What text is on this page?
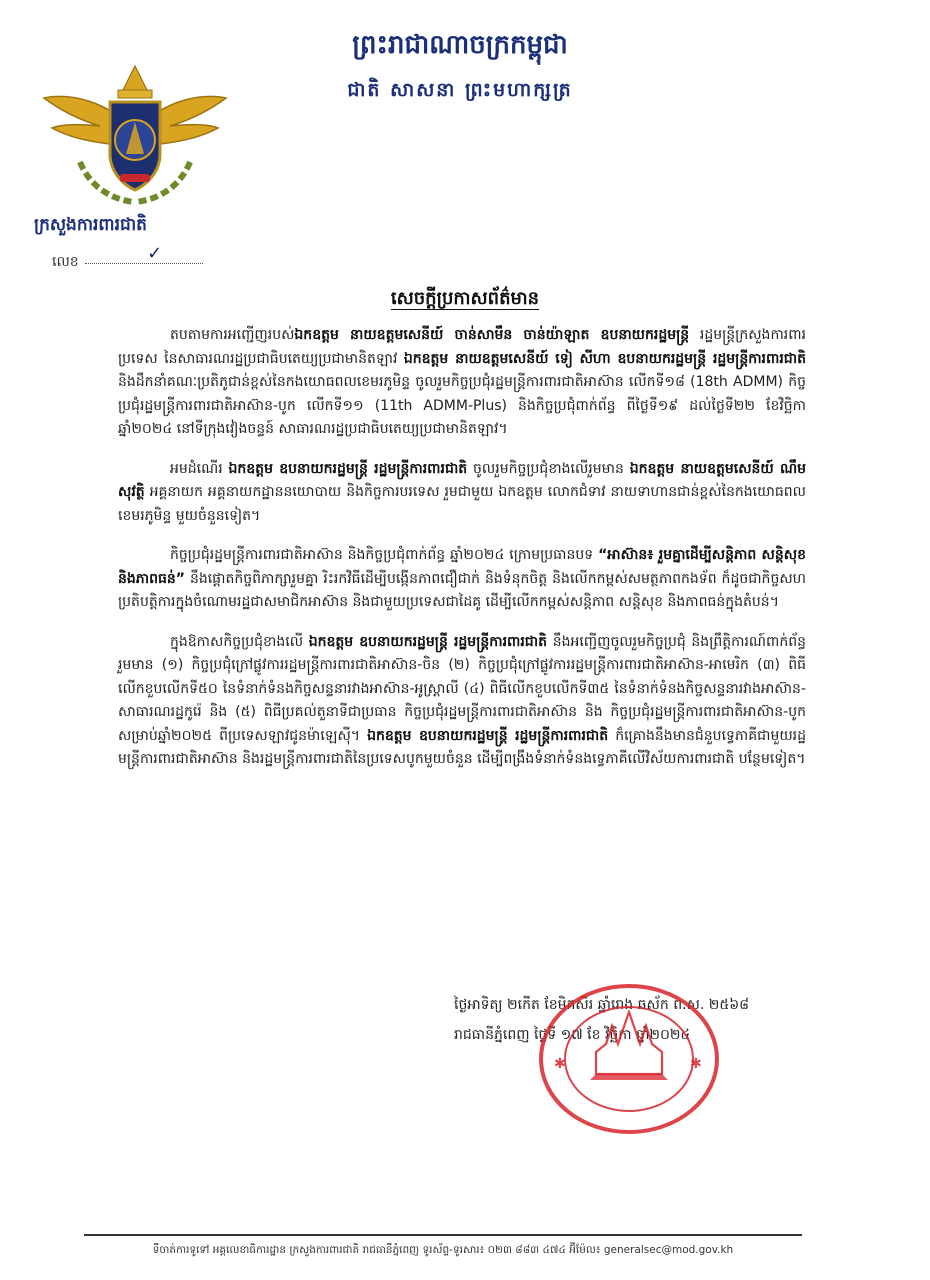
ព្រះរាជាណាចក្រកម្ពុជា
ជាតិ សាសនា ព្រះមហាក្សត្រ
ក្រសួងការពារជាតិ
លេខ	✓
សេចក្ដីប្រកាសព័ត៌មាន

តបតាមការអញ្ជើញរបស់ឯកឧត្តម នាយឧត្តមសេនីយ៍ ចាន់សាមឹន ចាន់យ៉ាឡាត ឧបនាយករដ្ឋមន្ត្រី រដ្ឋមន្ត្រីក្រសួងការពារប្រទេស នៃសាធារណរដ្ឋប្រជាធិបតេយ្យប្រជាមានិតឡាវ ឯកឧត្តម នាយឧត្តមសេនីយ៍ ទៀ សីហា ឧបនាយករដ្ឋមន្ត្រី រដ្ឋមន្ត្រីការពារជាតិ និងដឹកនាំគណៈប្រតិភូជាន់ខ្ពស់នៃកងយោធពលខេមរភូមិន្ទ ចូលរួមកិច្ចប្រជុំរដ្ឋមន្ត្រីការពារជាតិអាស៊ាន លើកទី១៨ (18th ADMM) កិច្ចប្រជុំរដ្ឋមន្ត្រីការពារជាតិអាស៊ាន-បូក លើកទី១១ (11th ADMM-Plus) និងកិច្ចប្រជុំពាក់ព័ន្ធ ពីថ្ងៃទី១៩ ដល់ថ្ងៃទី២២ ខែវិច្ឆិកា ឆ្នាំ២០២៤ នៅទីក្រុងវៀងចន្ទន៍ សាធារណរដ្ឋប្រជាធិបតេយ្យប្រជាមានិតឡាវ។

អមដំណើរ ឯកឧត្តម ឧបនាយករដ្ឋមន្ត្រី រដ្ឋមន្ត្រីការពារជាតិ ចូលរួមកិច្ចប្រជុំខាងលើរួមមាន ឯកឧត្តម នាយឧត្តមសេនីយ៍ ណឹម សុវត្ថិ អគ្គនាយក អគ្គនាយកដ្ឋាននយោបាយ និងកិច្ចការបរទេស រួមជាមួយ ឯកឧត្តម លោកជំទាវ នាយទាហានជាន់ខ្ពស់នៃកងយោធពលខេមរភូមិន្ទ មួយចំនួនទៀត។

កិច្ចប្រជុំរដ្ឋមន្ត្រីការពារជាតិអាស៊ាន និងកិច្ចប្រជុំពាក់ព័ន្ធ ឆ្នាំ២០២៤ ក្រោមប្រធានបទ “អាស៊ាន៖ រួមគ្នាដើម្បីសន្តិភាព សន្តិសុខ និងភាពធន់” នឹងផ្ដោតកិច្ចពិភាក្សារួមគ្នា រិះរកវិធីដើម្បីបង្កើនភាពជឿជាក់ និងទំនុកចិត្ត និងលើកកម្ពស់សមត្ថភាពកងទ័ព ក៏ដូចជាកិច្ចសហប្រតិបត្តិការក្នុងចំណោមរដ្ឋជាសមាជិកអាស៊ាន និងជាមួយប្រទេសជាដៃគូ ដើម្បីលើកកម្ពស់សន្តិភាព សន្តិសុខ និងភាពធន់ក្នុងតំបន់។

ក្នុងឱកាសកិច្ចប្រជុំខាងលើ ឯកឧត្តម ឧបនាយករដ្ឋមន្ត្រី រដ្ឋមន្ត្រីការពារជាតិ នឹងអញ្ជើញចូលរួមកិច្ចប្រជុំ និងព្រឹត្តិការណ៍ពាក់ព័ន្ធ រួមមាន (១) កិច្ចប្រជុំក្រៅផ្លូវការរដ្ឋមន្ត្រីការពារជាតិអាស៊ាន-ចិន (២) កិច្ចប្រជុំក្រៅផ្លូវការរដ្ឋមន្ត្រីការពារជាតិអាស៊ាន-អាមេរិក (៣) ពិធីលើកខួបលើកទី៥០ នៃទំនាក់ទំនងកិច្ចសន្ទនារវាងអាស៊ាន-អូស្ត្រាលី (៤) ពិធីលើកខួបលើកទី៣៥ នៃទំនាក់ទំនងកិច្ចសន្ទនារវាងអាស៊ាន-សាធារណរដ្ឋកូរ៉េ និង (៥) ពិធីប្រគល់តួនាទីជាប្រធាន កិច្ចប្រជុំរដ្ឋមន្ត្រីការពារជាតិអាស៊ាន និង កិច្ចប្រជុំរដ្ឋមន្ត្រីការពារជាតិអាស៊ាន-បូក សម្រាប់ឆ្នាំ២០២៥ ពីប្រទេសឡាវជូនម៉ាឡេស៊ី។ ឯកឧត្តម ឧបនាយករដ្ឋមន្ត្រី រដ្ឋមន្ត្រីការពារជាតិ ក៏គ្រោងនឹងមានជំនួបទ្វេភាគីជាមួយរដ្ឋមន្ត្រីការពារជាតិអាស៊ាន និងរដ្ឋមន្ត្រីការពារជាតិនៃប្រទេសបូកមួយចំនួន ដើម្បីពង្រឹងទំនាក់ទំនងទ្វេភាគីលើវិស័យការពារជាតិ បន្ថែមទៀត។

ថ្ងៃអាទិត្យ ២កើត ខែមិគសិរ ឆ្នាំរោង ឆស័ក ព.ស. ២៥៦៨
រាជធានីភ្នំពេញ ថ្ងៃទី ១៧ ខែ វិច្ឆិកា ឆ្នាំ២០២៤
✱	✱
ទីចាត់ការទូទៅ អគ្គលេខាធិការដ្ឋាន ក្រសួងការពារជាតិ រាជធានីភ្នំពេញ ទូរស័ព្ទ-ទូរសារ៖ ០២៣ ៨៨៣ ៤៧៤ អ៊ីម៉ែល៖ generalsec@mod.gov.kh
